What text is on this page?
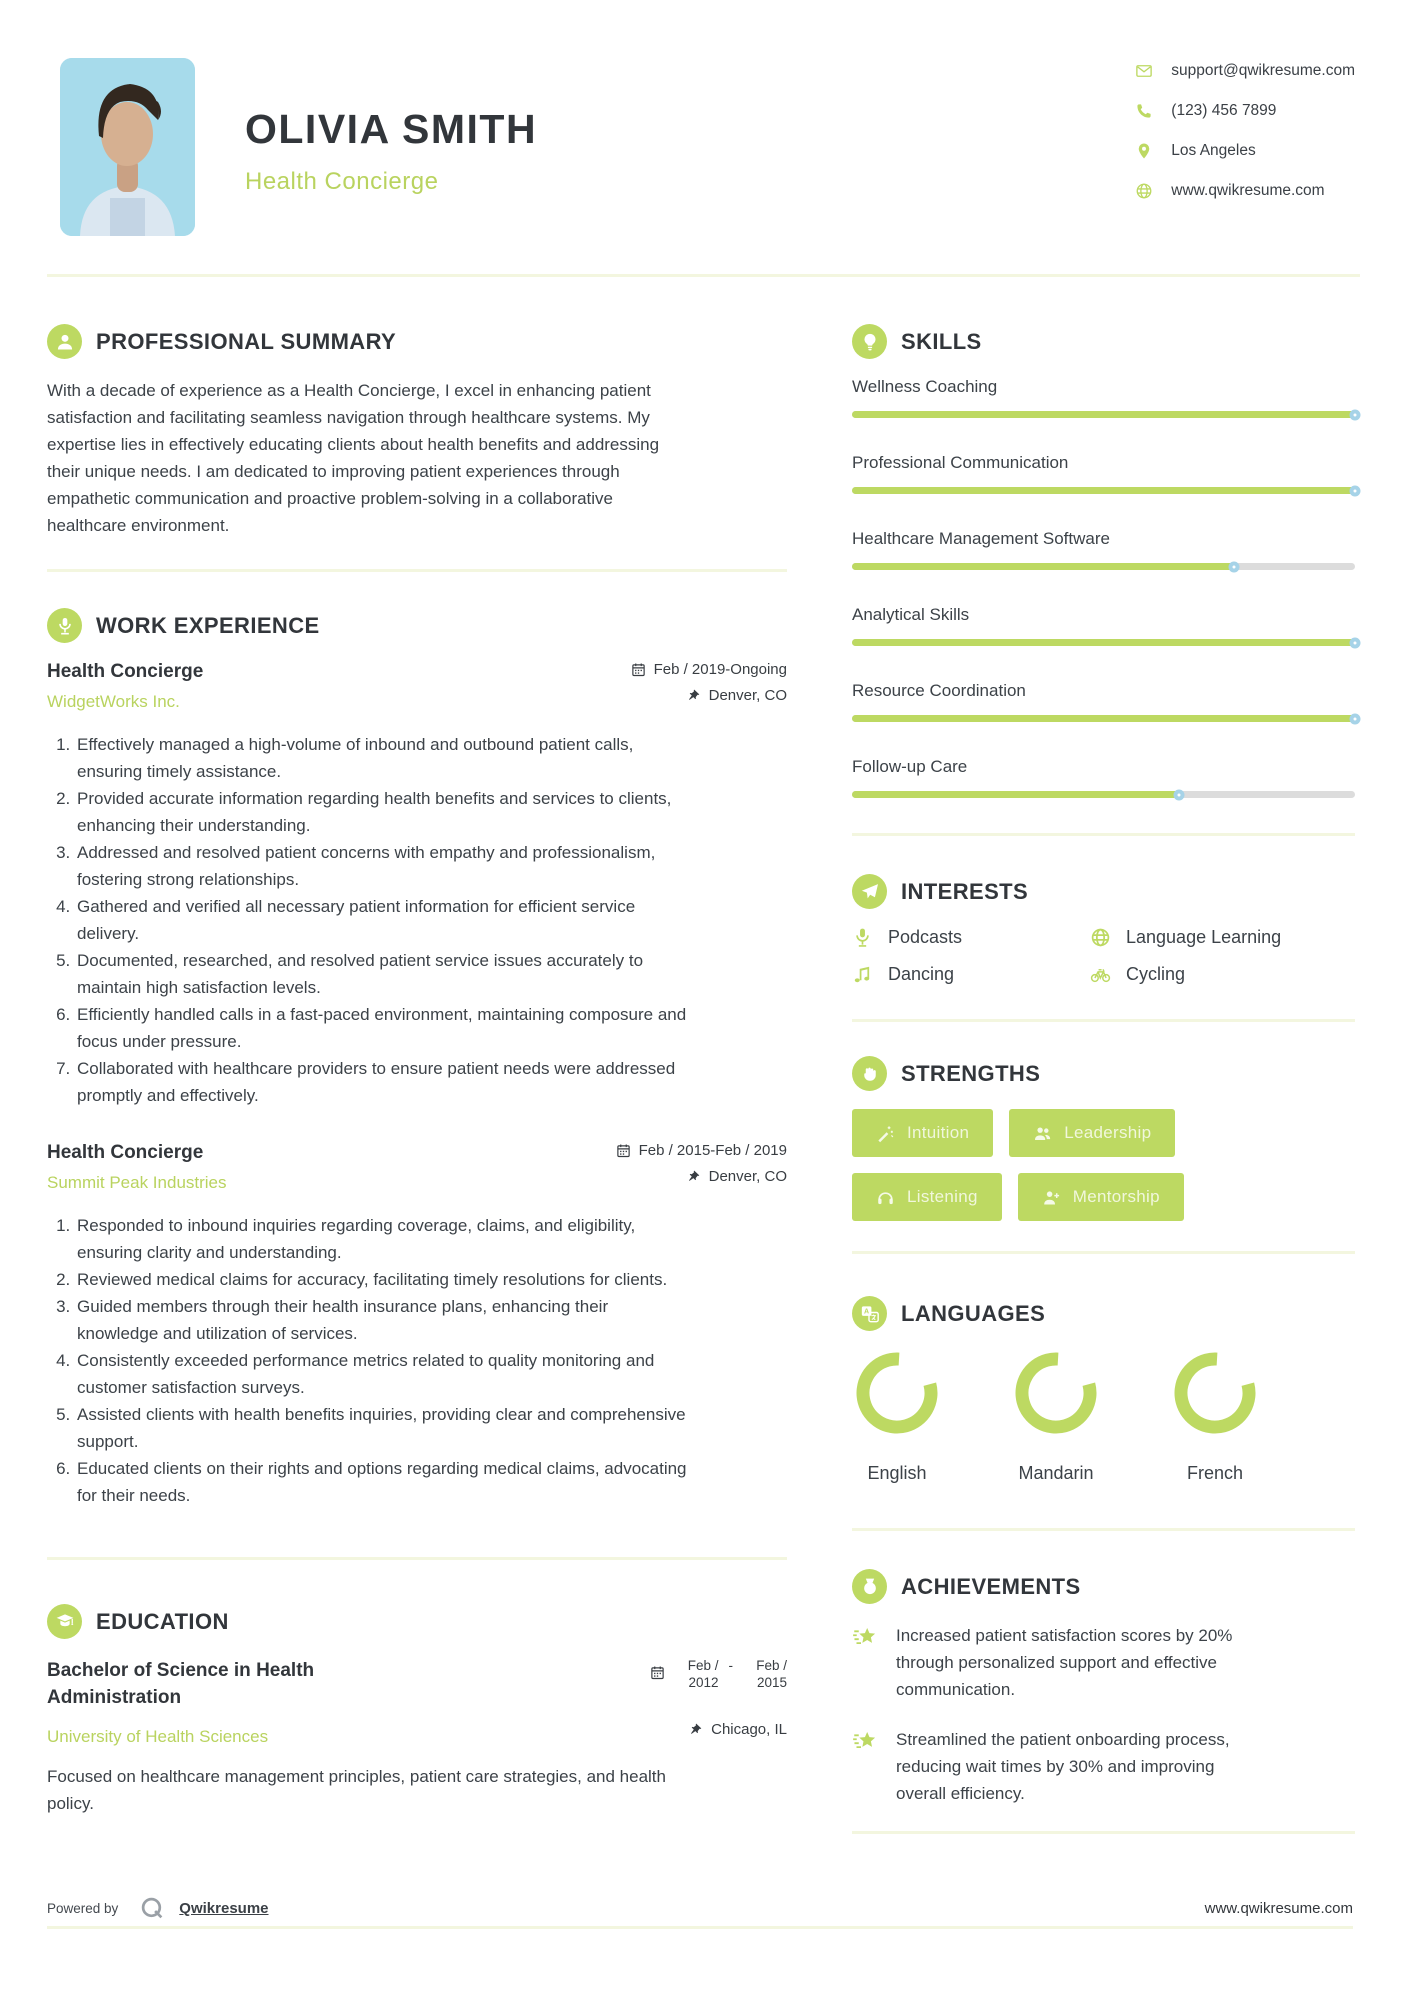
OLIVIA SMITH
Health Concierge
support@qwikresume.com
(123) 456 7899
Los Angeles
www.qwikresume.com
PROFESSIONAL SUMMARY

With a decade of experience as a Health Concierge, I excel in enhancing patient satisfaction and facilitating seamless navigation through healthcare systems. My expertise lies in effectively educating clients about health benefits and addressing their unique needs. I am dedicated to improving patient experiences through empathetic communication and proactive problem-solving in a collaborative healthcare environment.

WORK EXPERIENCE
Health Concierge
WidgetWorks Inc.
Feb / 2019-Ongoing
Denver, CO
1. Effectively managed a high-volume of inbound and outbound patient calls, ensuring timely assistance.
2. Provided accurate information regarding health benefits and services to clients, enhancing their understanding.
3. Addressed and resolved patient concerns with empathy and professionalism, fostering strong relationships.
4. Gathered and verified all necessary patient information for efficient service delivery.
5. Documented, researched, and resolved patient service issues accurately to maintain high satisfaction levels.
6. Efficiently handled calls in a fast-paced environment, maintaining composure and focus under pressure.
7. Collaborated with healthcare providers to ensure patient needs were addressed promptly and effectively.
Health Concierge
Summit Peak Industries
Feb / 2015-Feb / 2019
Denver, CO
1. Responded to inbound inquiries regarding coverage, claims, and eligibility, ensuring clarity and understanding.
2. Reviewed medical claims for accuracy, facilitating timely resolutions for clients.
3. Guided members through their health insurance plans, enhancing their knowledge and utilization of services.
4. Consistently exceeded performance metrics related to quality monitoring and customer satisfaction surveys.
5. Assisted clients with health benefits inquiries, providing clear and comprehensive support.
6. Educated clients on their rights and options regarding medical claims, advocating for their needs.
EDUCATION
Bachelor of Science in Health Administration
University of Health Sciences
Feb / 2012
-	Feb / 2015
Chicago, IL

Focused on healthcare management principles, patient care strategies, and health policy.

SKILLS
Wellness Coaching
Professional Communication
Healthcare Management Software
Analytical Skills
Resource Coordination
Follow-up Care
INTERESTS
Podcasts	Language Learning
Dancing	Cycling
STRENGTHS
Intuition	Leadership
Listening	Mentorship
A LANGUAGES
English	Mandarin	French
ACHIEVEMENTS
Increased patient satisfaction scores by 20% through personalized support and effective communication.
Streamlined the patient onboarding process, reducing wait times by 30% and improving overall efficiency.
Powered by	Qwikresume	www.qwikresume.com
